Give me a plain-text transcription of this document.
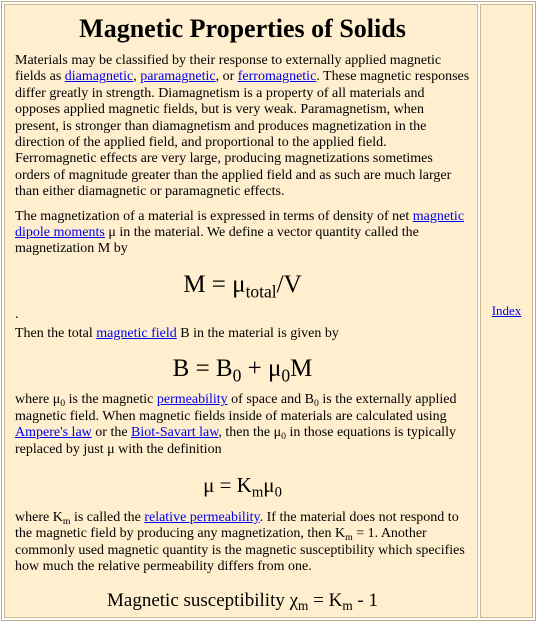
Magnetic Properties of Solids

Materials may be classified by their response to externally applied magnetic fields as diamagnetic, paramagnetic, or ferromagnetic. These magnetic responses differ greatly in strength. Diamagnetism is a property of all materials and opposes applied magnetic fields, but is very weak. Paramagnetism, when present, is stronger than diamagnetism and produces magnetization in the direction of the applied field, and proportional to the applied field. Ferromagnetic effects are very large, producing magnetizations sometimes orders of magnitude greater than the applied field and as such are much larger than either diamagnetic or paramagnetic effects.

The magnetization of a material is expressed in terms of density of net magnetic dipole moments μ in the material. We define a vector quantity called the magnetization M by

$M = \mu_{total}/V$
.

Then the total magnetic field B in the material is given by

$B = B_0 + \mu_0M$

where $\mu_0$ is the magnetic permeability of space and $B_0$ is the externally applied magnetic field. When magnetic fields inside of materials are calculated using Ampere's law or the Biot-Savart law, then the $\mu_0$ in those equations is typically replaced by just μ with the definition

$\mu = K_m\mu_0$

where $K_m$ is called the relative permeability. If the material does not respond to the magnetic field by producing any magnetization, then $K_m = 1$. Another commonly used magnetic quantity is the magnetic susceptibility which specifies how much the relative permeability differs from one.

Magnetic susceptibility $\chi_m = K_m - 1$
	Index
